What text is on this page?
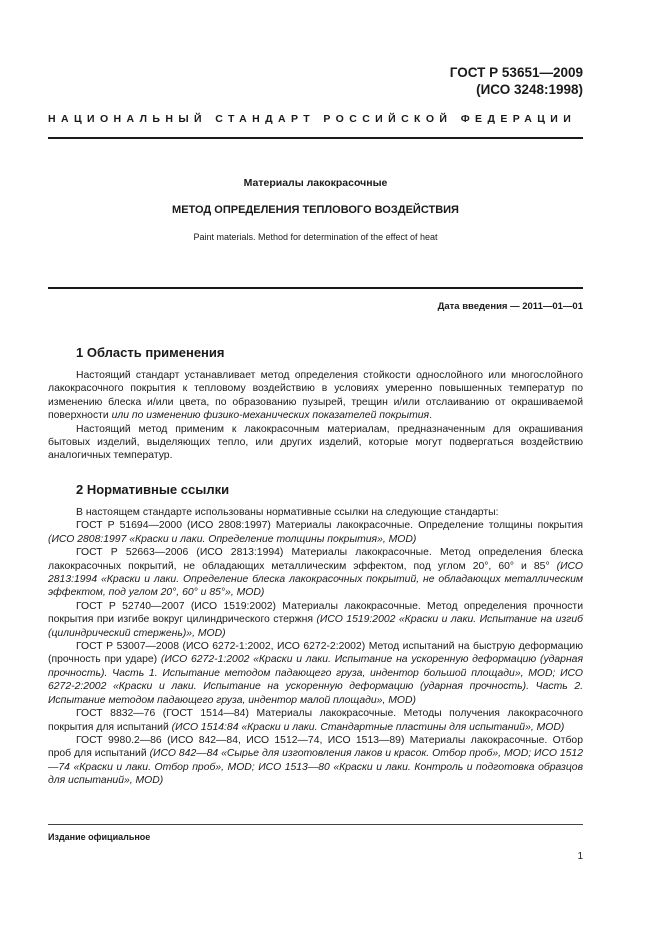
ГОСТ Р 53651—2009
(ИСО 3248:1998)
НАЦИОНАЛЬНЫЙ СТАНДАРТ РОССИЙСКОЙ ФЕДЕРАЦИИ
Материалы лакокрасочные
МЕТОД ОПРЕДЕЛЕНИЯ ТЕПЛОВОГО ВОЗДЕЙСТВИЯ
Paint materials. Method for determination of the effect of heat
Дата введения — 2011—01—01
1 Область применения

Настоящий стандарт устанавливает метод определения стойкости однослойного или многослойного лакокрасочного покрытия к тепловому воздействию в условиях умеренно повышенных температур по изменению блеска и/или цвета, по образованию пузырей, трещин и/или отслаиванию от окрашиваемой поверхности или по изменению физико-механических показателей покрытия.

Настоящий метод применим к лакокрасочным материалам, предназначенным для окрашивания бытовых изделий, выделяющих тепло, или других изделий, которые могут подвергаться воздействию аналогичных температур.

2 Нормативные ссылки

В настоящем стандарте использованы нормативные ссылки на следующие стандарты:

ГОСТ Р 51694—2000 (ИСО 2808:1997) Материалы лакокрасочные. Определение толщины покрытия (ИСО 2808:1997 «Краски и лаки. Определение толщины покрытия», MOD)

ГОСТ Р 52663—2006 (ИСО 2813:1994) Материалы лакокрасочные. Метод определения блеска лакокрасочных покрытий, не обладающих металлическим эффектом, под углом 20°, 60° и 85° (ИСО 2813:1994 «Краски и лаки. Определение блеска лакокрасочных покрытий, не обладающих металлическим эффектом, под углом 20°, 60° и 85°», MOD)

ГОСТ Р 52740—2007 (ИСО 1519:2002) Материалы лакокрасочные. Метод определения прочности покрытия при изгибе вокруг цилиндрического стержня (ИСО 1519:2002 «Краски и лаки. Испытание на изгиб (цилиндрический стержень)», MOD)

ГОСТ Р 53007—2008 (ИСО 6272-1:2002, ИСО 6272-2:2002) Метод испытаний на быструю деформацию (прочность при ударе) (ИСО 6272-1:2002 «Краски и лаки. Испытание на ускоренную деформацию (ударная прочность). Часть 1. Испытание методом падающего груза, индентор большой площади», MOD; ИСО 6272-2:2002 «Краски и лаки. Испытание на ускоренную деформацию (ударная прочность). Часть 2. Испытание методом падающего груза, индентор малой площади», MOD)

ГОСТ 8832—76 (ГОСТ 1514—84) Материалы лакокрасочные. Методы получения лакокрасочного покрытия для испытаний (ИСО 1514:84 «Краски и лаки. Стандартные пластины для испытаний», MOD)

ГОСТ 9980.2—86 (ИСО 842—84, ИСО 1512—74, ИСО 1513—89) Материалы лакокрасочные. Отбор проб для испытаний (ИСО 842—84 «Сырье для изготовления лаков и красок. Отбор проб», MOD; ИСО 1512—74 «Краски и лаки. Отбор проб», MOD; ИСО 1513—80 «Краски и лаки. Контроль и подготовка образцов для испытаний», MOD)

Издание официальное
1
